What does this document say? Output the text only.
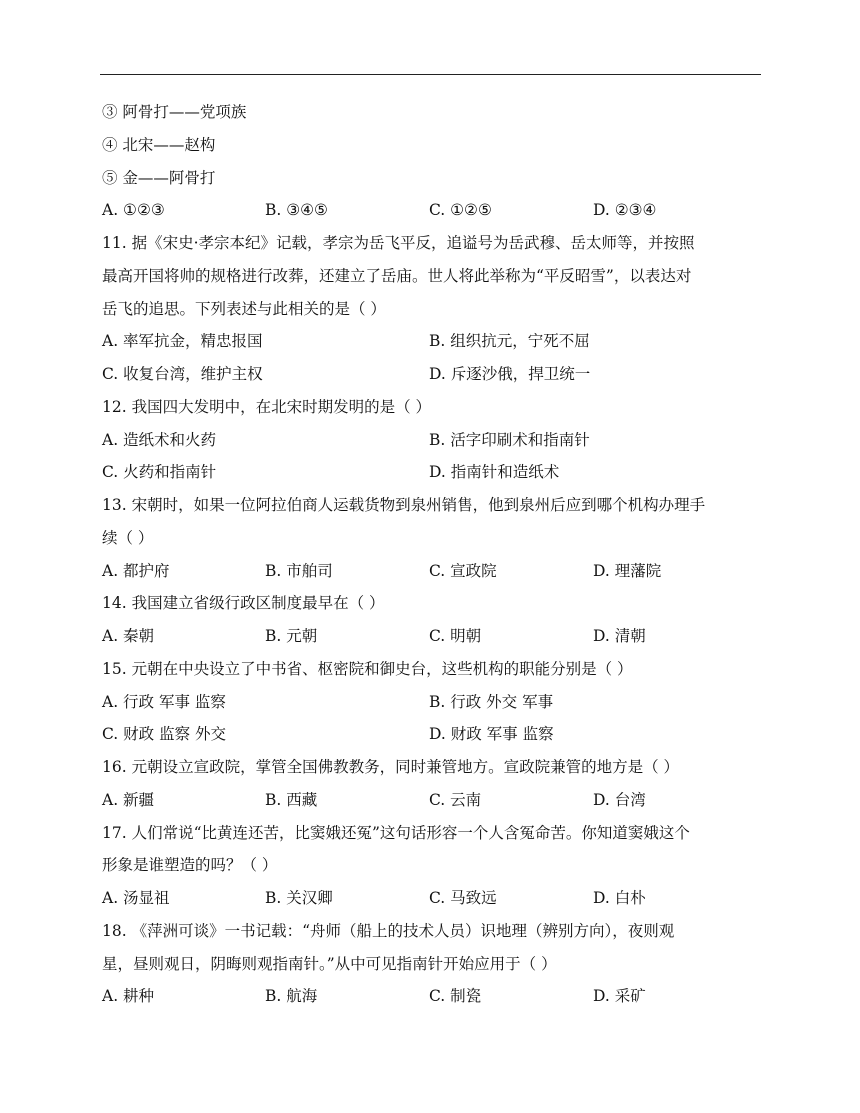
③ 阿骨打——党项族
④ 北宋——赵构
⑤ 金——阿骨打
A. ①②③	B. ③④⑤	C. ①②⑤	D. ②③④
11. 据《宋史·孝宗本纪》记载，孝宗为岳飞平反，追谥号为岳武穆、岳太师等，并按照
最高开国将帅的规格进行改葬，还建立了岳庙。世人将此举称为“平反昭雪”，以表达对
岳飞的追思。下列表述与此相关的是（ ）
A. 率军抗金，精忠报国	B. 组织抗元，宁死不屈
C. 收复台湾，维护主权	D. 斥逐沙俄，捍卫统一
12. 我国四大发明中，在北宋时期发明的是（ ）
A. 造纸术和火药	B. 活字印刷术和指南针
C. 火药和指南针	D. 指南针和造纸术
13. 宋朝时，如果一位阿拉伯商人运载货物到泉州销售，他到泉州后应到哪个机构办理手
续（ ）
A. 都护府	B. 市舶司	C. 宣政院	D. 理藩院
14. 我国建立省级行政区制度最早在（ ）
A. 秦朝	B. 元朝	C. 明朝	D. 清朝
15. 元朝在中央设立了中书省、枢密院和御史台，这些机构的职能分别是（ ）
A. 行政 军事 监察	B. 行政 外交 军事
C. 财政 监察 外交	D. 财政 军事 监察
16. 元朝设立宣政院，掌管全国佛教教务，同时兼管地方。宣政院兼管的地方是（ ）
A. 新疆	B. 西藏	C. 云南	D. 台湾
17. 人们常说“比黄连还苦，比窦娥还冤”这句话形容一个人含冤命苦。你知道窦娥这个
形象是谁塑造的吗？（ ）
A. 汤显祖	B. 关汉卿	C. 马致远	D. 白朴
18. 《萍洲可谈》一书记载：“舟师（船上的技术人员）识地理（辨别方向），夜则观
星，昼则观日，阴晦则观指南针。”从中可见指南针开始应用于（ ）
A. 耕种	B. 航海	C. 制瓷	D. 采矿
